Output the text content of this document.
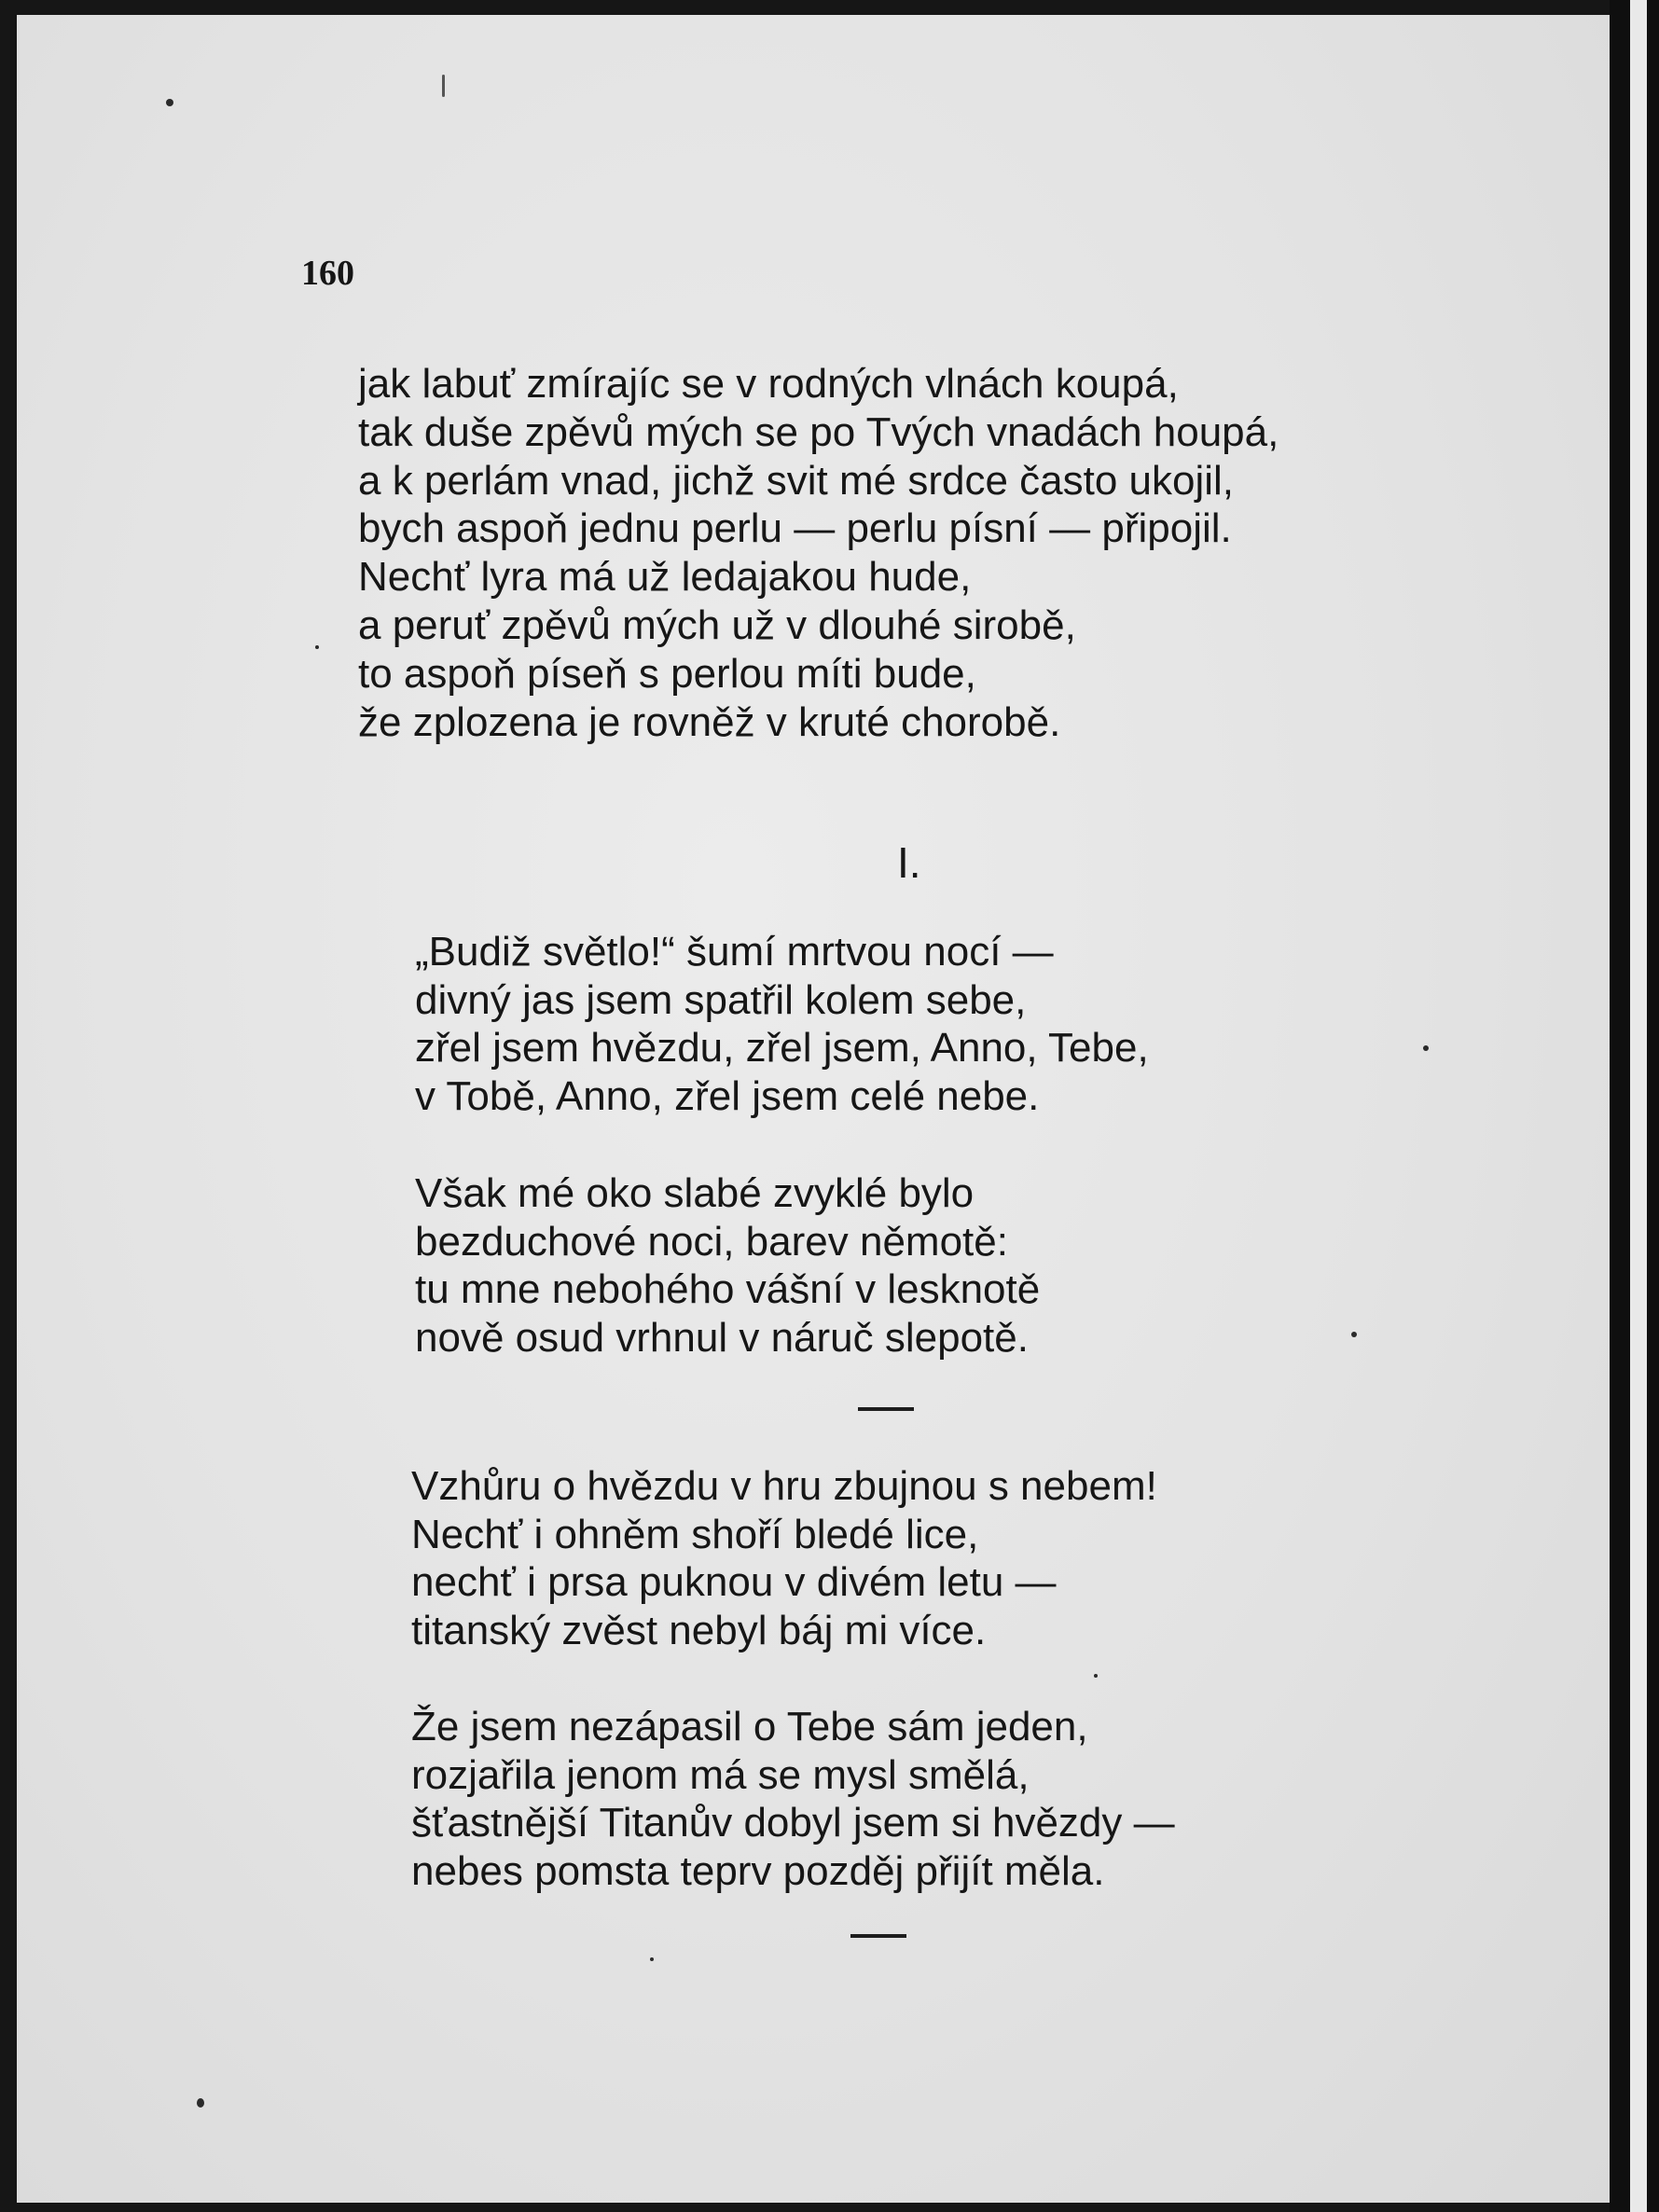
160
jak labuť zmírajíc se v rodných vlnách koupá,
tak duše zpěvů mých se po Tvých vnadách houpá,
a k perlám vnad, jichž svit mé srdce často ukojil,
bych aspoň jednu perlu — perlu písní — připojil.
Nechť lyra má už ledajakou hude,
a peruť zpěvů mých už v dlouhé sirobě,
to aspoň píseň s perlou míti bude,
že zplozena je rovněž v kruté chorobě.
I.
„Budiž světlo!“ šumí mrtvou nocí —
divný jas jsem spatřil kolem sebe,
zřel jsem hvězdu, zřel jsem, Anno, Tebe,
v Tobě, Anno, zřel jsem celé nebe.
Však mé oko slabé zvyklé bylo
bezduchové noci, barev němotě:
tu mne nebohého vášní v lesknotě
nově osud vrhnul v náruč slepotě.
Vzhůru o hvězdu v hru zbujnou s nebem!
Nechť i ohněm shoří bledé lice,
nechť i prsa puknou v divém letu —
titanský zvěst nebyl báj mi více.
Že jsem nezápasil o Tebe sám jeden,
rozjařila jenom má se mysl smělá,
šťastnější Titanův dobyl jsem si hvězdy —
nebes pomsta teprv pozděj přijít měla.
